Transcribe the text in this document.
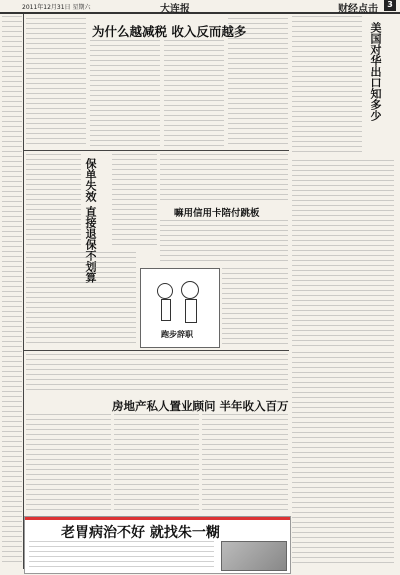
2011年12月31日 星期六	大连报	财经点击	3
为什么越减税 收入反而越多	美国对华出口知多少
保单失效 直接退保不划算	嘛用信用卡陪付跳板
跑步辞职
房地产私人置业顾问 半年收入百万
老胃病治不好 就找朱一糊
